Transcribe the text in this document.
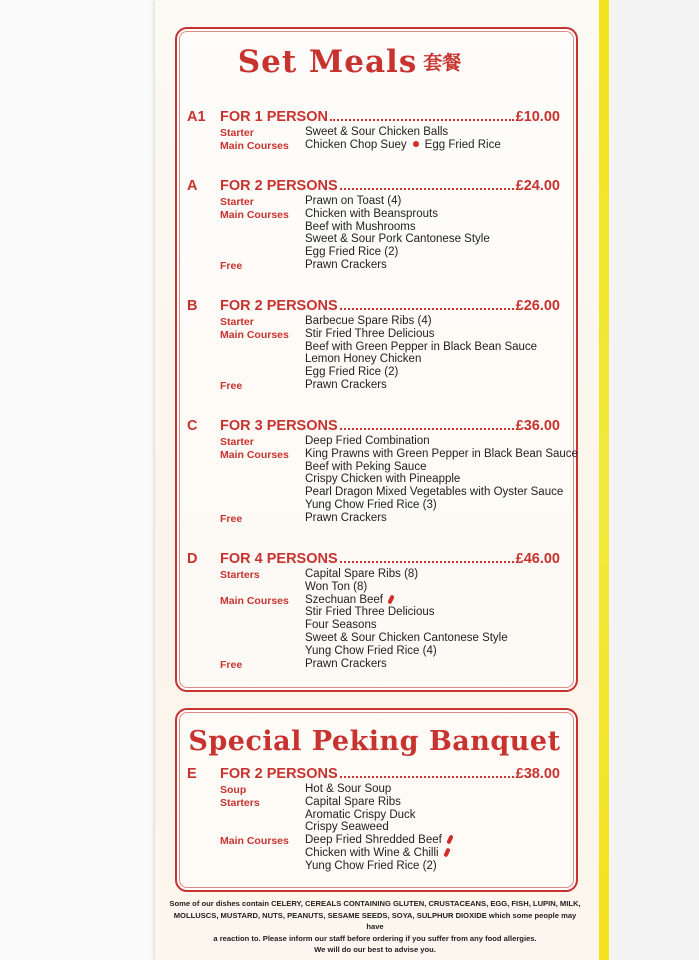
Set Meals 套餐
Special Peking Banquet
A1 FOR 1 PERSON	£10.00
Starter	Sweet & Sour Chicken Balls
Main Courses Chicken Chop Suey Egg Fried Rice
A FOR 2 PERSONS	£24.00
Starter	Prawn on Toast (4)
Main Courses Chicken with Beansprouts
Beef with Mushrooms
Sweet & Sour Pork Cantonese Style
Egg Fried Rice (2)
Free	Prawn Crackers
B FOR 2 PERSONS	£26.00
Starter	Barbecue Spare Ribs (4)
Main Courses Stir Fried Three Delicious
Beef with Green Pepper in Black Bean Sauce
Lemon Honey Chicken
Egg Fried Rice (2)
Free	Prawn Crackers
C FOR 3 PERSONS	£36.00
Starter	Deep Fried Combination
Main Courses King Prawns with Green Pepper in Black Bean Sauce
Beef with Peking Sauce
Crispy Chicken with Pineapple
Pearl Dragon Mixed Vegetables with Oyster Sauce
Yung Chow Fried Rice (3)
Free	Prawn Crackers
D FOR 4 PERSONS	£46.00
Starters	Capital Spare Ribs (8)
Won Ton (8)
Main Courses Szechuan Beef
Stir Fried Three Delicious
Four Seasons
Sweet & Sour Chicken Cantonese Style
Yung Chow Fried Rice (4)
Free	Prawn Crackers
E FOR 2 PERSONS	£38.00
Soup	Hot & Sour Soup
Starters	Capital Spare Ribs
Aromatic Crispy Duck
Crispy Seaweed
Main Courses Deep Fried Shredded Beef
Chicken with Wine & Chilli
Yung Chow Fried Rice (2)
Some of our dishes contain CELERY, CEREALS CONTAINING GLUTEN, CRUSTACEANS, EGG, FISH, LUPIN, MILK,
MOLLUSCS, MUSTARD, NUTS, PEANUTS, SESAME SEEDS, SOYA, SULPHUR DIOXIDE which some people may have
a reaction to. Please inform our staff before ordering if you suffer from any food allergies.
We will do our best to advise you.
